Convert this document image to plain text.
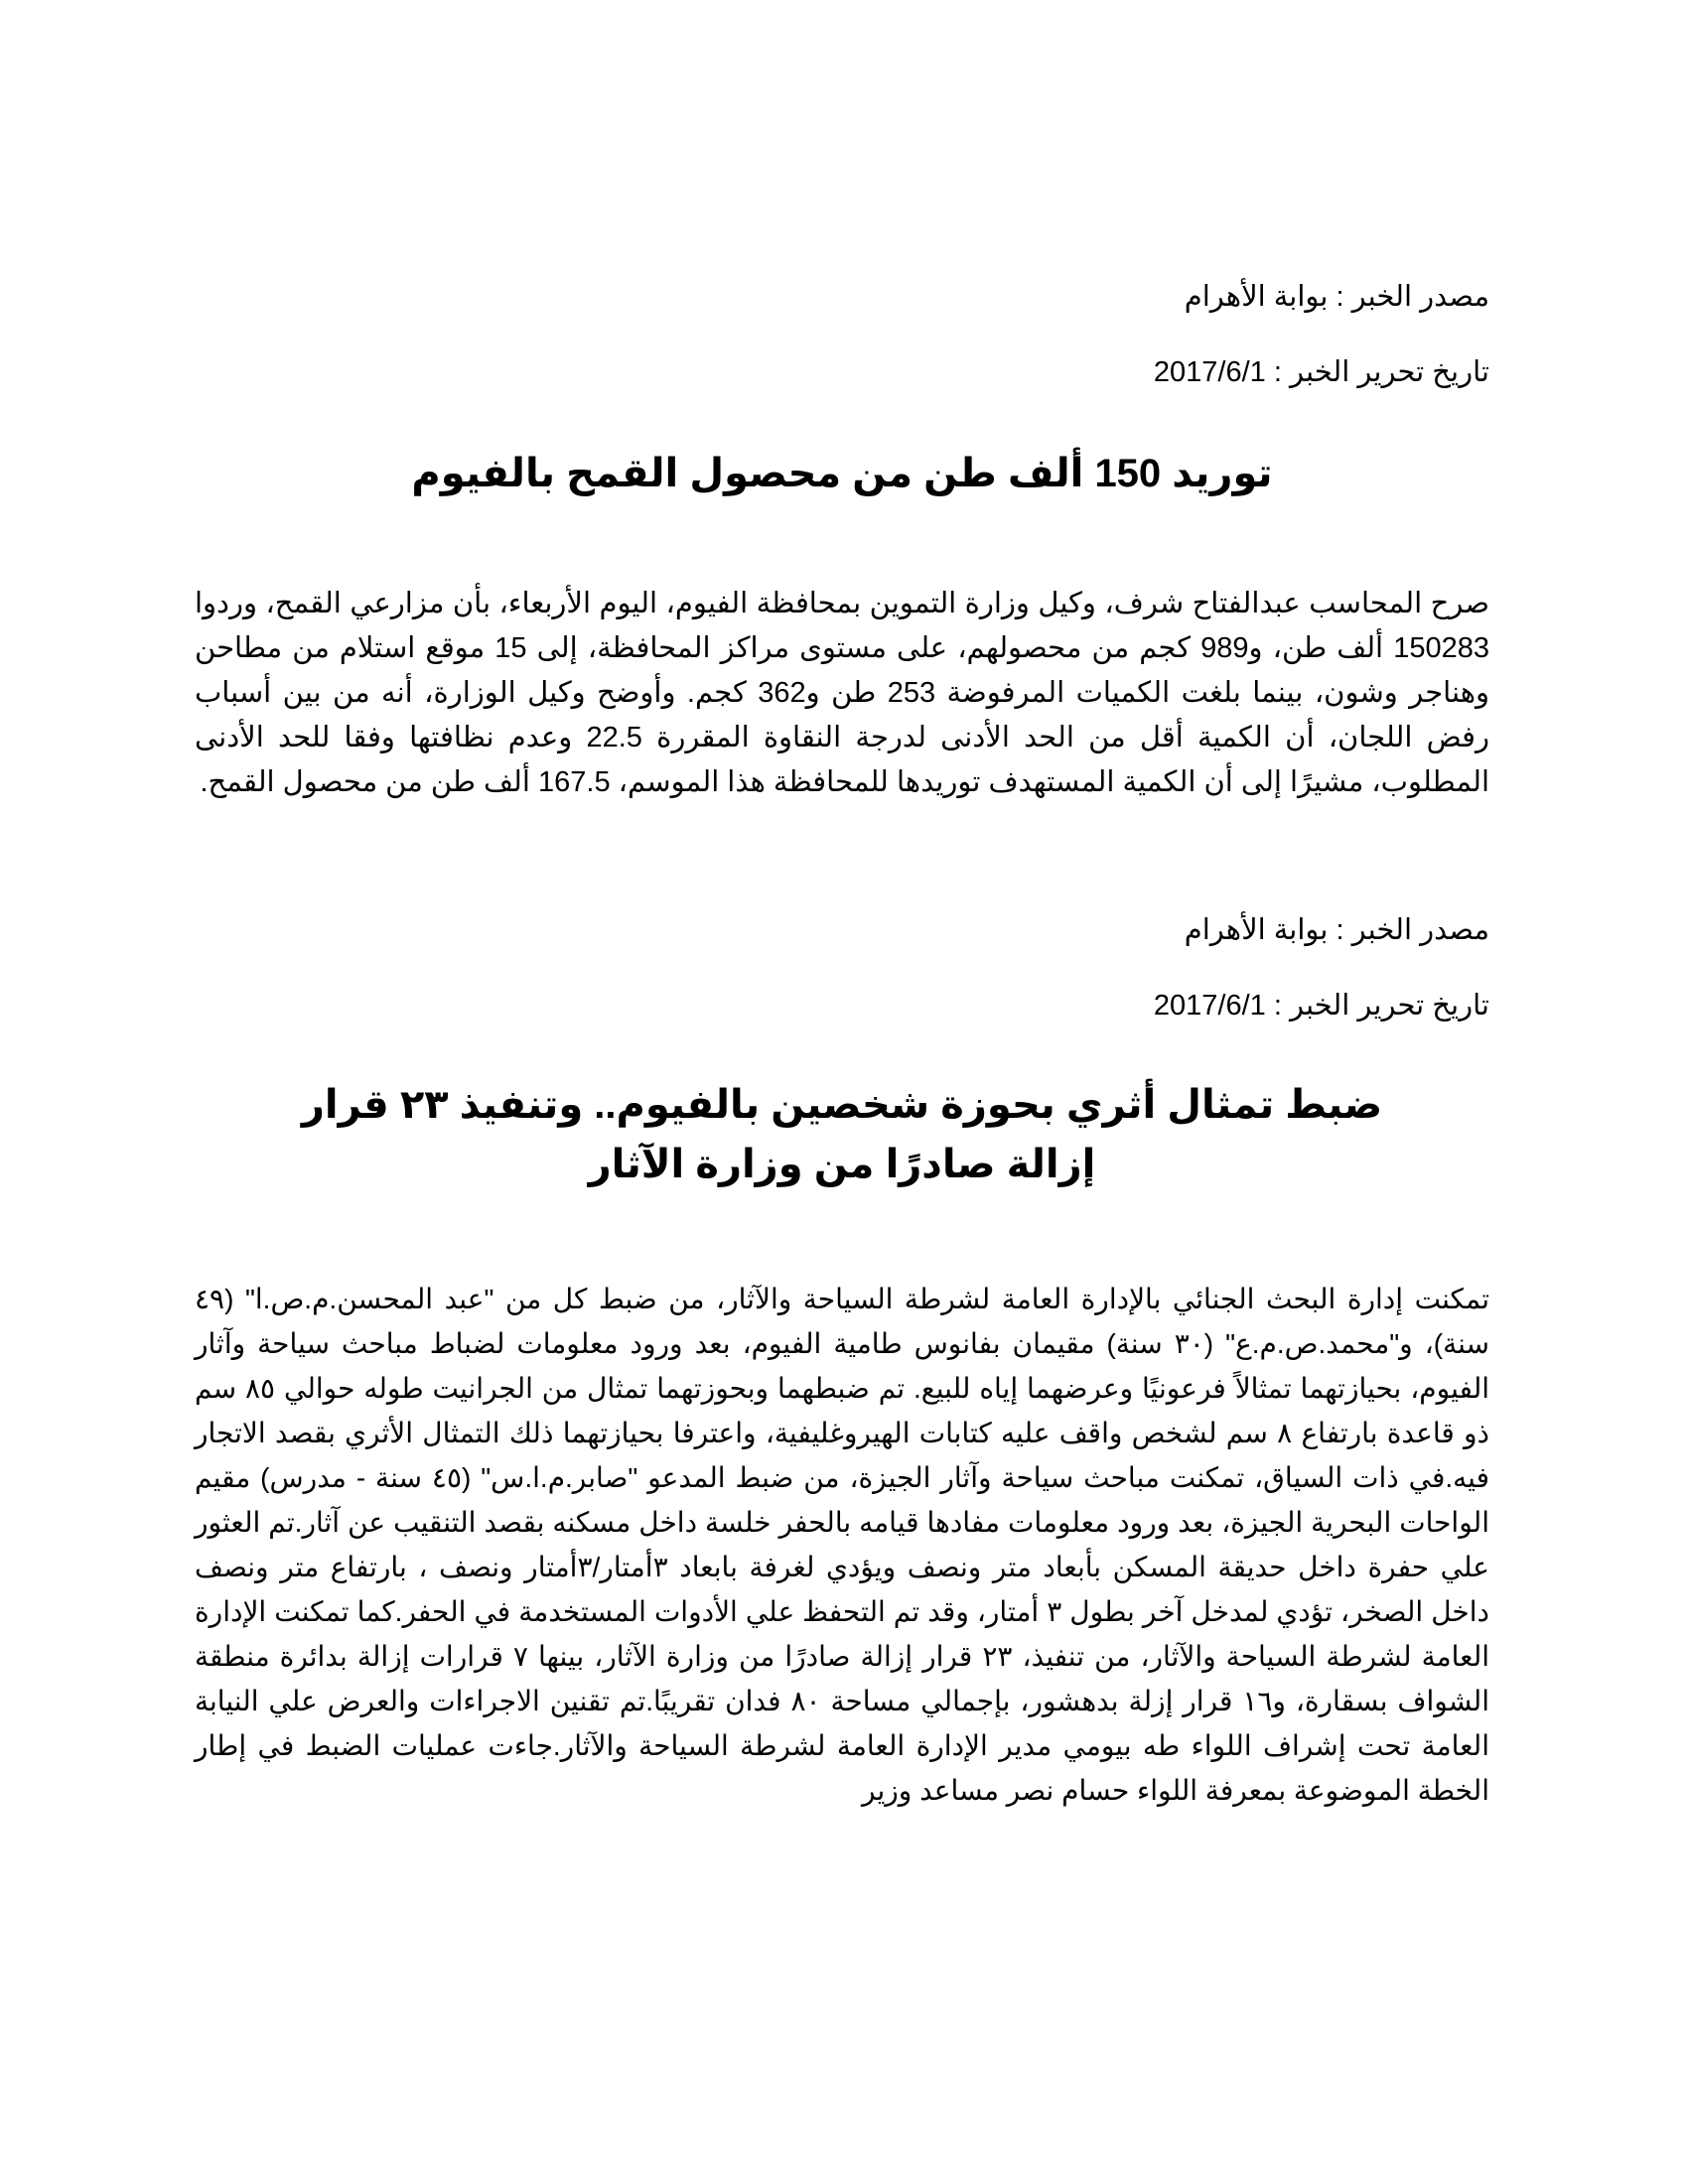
مصدر الخبر : بوابة الأهرام
تاريخ تحرير الخبر : 2017/6/1
توريد 150 ألف طن من محصول القمح بالفيوم

صرح المحاسب عبدالفتاح شرف، وكيل وزارة التموين بمحافظة الفيوم، اليوم الأربعاء، بأن مزارعي القمح، وردوا 150283 ألف طن، و989 كجم من محصولهم، على مستوى مراكز المحافظة، إلى 15 موقع استلام من مطاحن وهناجر وشون، بينما بلغت الكميات المرفوضة 253 طن و362 كجم. وأوضح وكيل الوزارة، أنه من بين أسباب رفض اللجان، أن الكمية أقل من الحد الأدنى لدرجة النقاوة المقررة 22.5 وعدم نظافتها وفقا للحد الأدنى المطلوب، مشيرًا إلى أن الكمية المستهدف توريدها للمحافظة هذا الموسم، 167.5 ألف طن من محصول القمح.

مصدر الخبر : بوابة الأهرام
تاريخ تحرير الخبر : 2017/6/1
ضبط تمثال أثري بحوزة شخصين بالفيوم.. وتنفيذ ٢٣ قرار إزالة صادرًا من وزارة الآثار

تمكنت إدارة البحث الجنائي بالإدارة العامة لشرطة السياحة والآثار، من ضبط كل من "عبد المحسن.م.ص.ا" (٤٩ سنة)، و"محمد.ص.م.ع" (٣٠ سنة) مقيمان بفانوس طامية الفيوم، بعد ورود معلومات لضباط مباحث سياحة وآثار الفيوم، بحيازتهما تمثالاً فرعونيًا وعرضهما إياه للبيع. تم ضبطهما وبحوزتهما تمثال من الجرانيت طوله حوالي ٨٥ سم ذو قاعدة بارتفاع ٨ سم لشخص واقف عليه كتابات الهيروغليفية، واعترفا بحيازتهما ذلك التمثال الأثري بقصد الاتجار فيه.في ذات السياق، تمكنت مباحث سياحة وآثار الجيزة، من ضبط المدعو "صابر.م.ا.س" (٤٥ سنة - مدرس) مقيم الواحات البحرية الجيزة، بعد ورود معلومات مفادها قيامه بالحفر خلسة داخل مسكنه بقصد التنقيب عن آثار.تم العثور علي حفرة داخل حديقة المسكن بأبعاد متر ونصف ويؤدي لغرفة بابعاد ٣أمتار/٣أمتار ونصف ، بارتفاع متر ونصف داخل الصخر، تؤدي لمدخل آخر بطول ٣ أمتار، وقد تم التحفظ علي الأدوات المستخدمة في الحفر.كما تمكنت الإدارة العامة لشرطة السياحة والآثار، من تنفيذ، ٢٣ قرار إزالة صادرًا من وزارة الآثار، بينها ٧ قرارات إزالة بدائرة منطقة الشواف بسقارة، و١٦ قرار إزلة بدهشور، بإجمالي مساحة ٨٠ فدان تقريبًا.تم تقنين الاجراءات والعرض علي النيابة العامة تحت إشراف اللواء طه بيومي مدير الإدارة العامة لشرطة السياحة والآثار.جاءت عمليات الضبط في إطار الخطة الموضوعة بمعرفة اللواء حسام نصر مساعد وزير
